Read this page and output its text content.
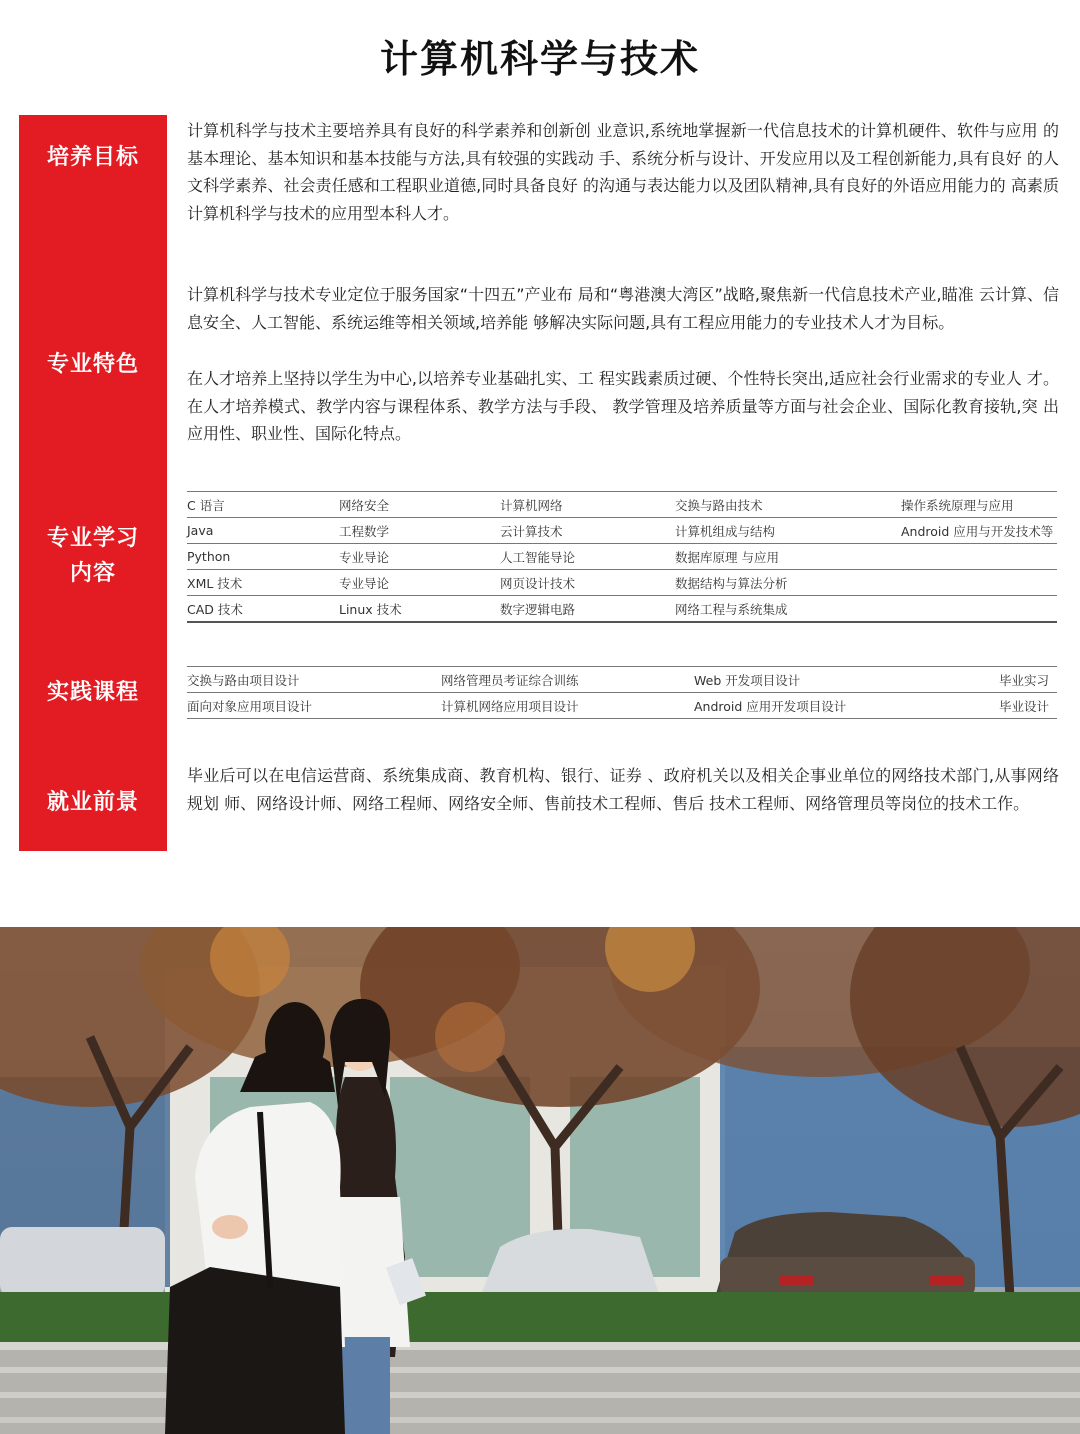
计算机科学与技术
培养目标
专业特色
专业学习
内容
实践课程
就业前景

计算机科学与技术主要培养具有良好的科学素养和创新创 业意识,系统地掌握新一代信息技术的计算机硬件、软件与应用 的基本理论、基本知识和基本技能与方法,具有较强的实践动 手、系统分析与设计、开发应用以及工程创新能力,具有良好 的人文科学素养、社会责任感和工程职业道德,同时具备良好 的沟通与表达能力以及团队精神,具有良好的外语应用能力的 高素质计算机科学与技术的应用型本科人才。

计算机科学与技术专业定位于服务国家“十四五”产业布 局和“粤港澳大湾区”战略,聚焦新一代信息技术产业,瞄准 云计算、信息安全、人工智能、系统运维等相关领域,培养能 够解决实际问题,具有工程应用能力的专业技术人才为目标。

在人才培养上坚持以学生为中心,以培养专业基础扎实、工 程实践素质过硬、个性特长突出,适应社会行业需求的专业人 才。在人才培养模式、教学内容与课程体系、教学方法与手段、 教学管理及培养质量等方面与社会企业、国际化教育接轨,突 出应用性、职业性、国际化特点。

C 语言	网络安全	计算机网络	交换与路由技术	操作系统原理与应用
Java	工程数学	云计算技术	计算机组成与结构	Android 应用与开发技术等
Python	专业导论	人工智能导论	数据库原理 与应用	
XML 技术	专业导论	网页设计技术	数据结构与算法分析	
CAD 技术	Linux 技术	数字逻辑电路	网络工程与系统集成	
交换与路由项目设计	网络管理员考证综合训练	Web 开发项目设计	毕业实习
面向对象应用项目设计	计算机网络应用项目设计	Android 应用开发项目设计	毕业设计

毕业后可以在电信运营商、系统集成商、教育机构、银行、证券 、政府机关以及相关企事业单位的网络技术部门,从事网络规划 师、网络设计师、网络工程师、网络安全师、售前技术工程师、售后 技术工程师、网络管理员等岗位的技术工作。
